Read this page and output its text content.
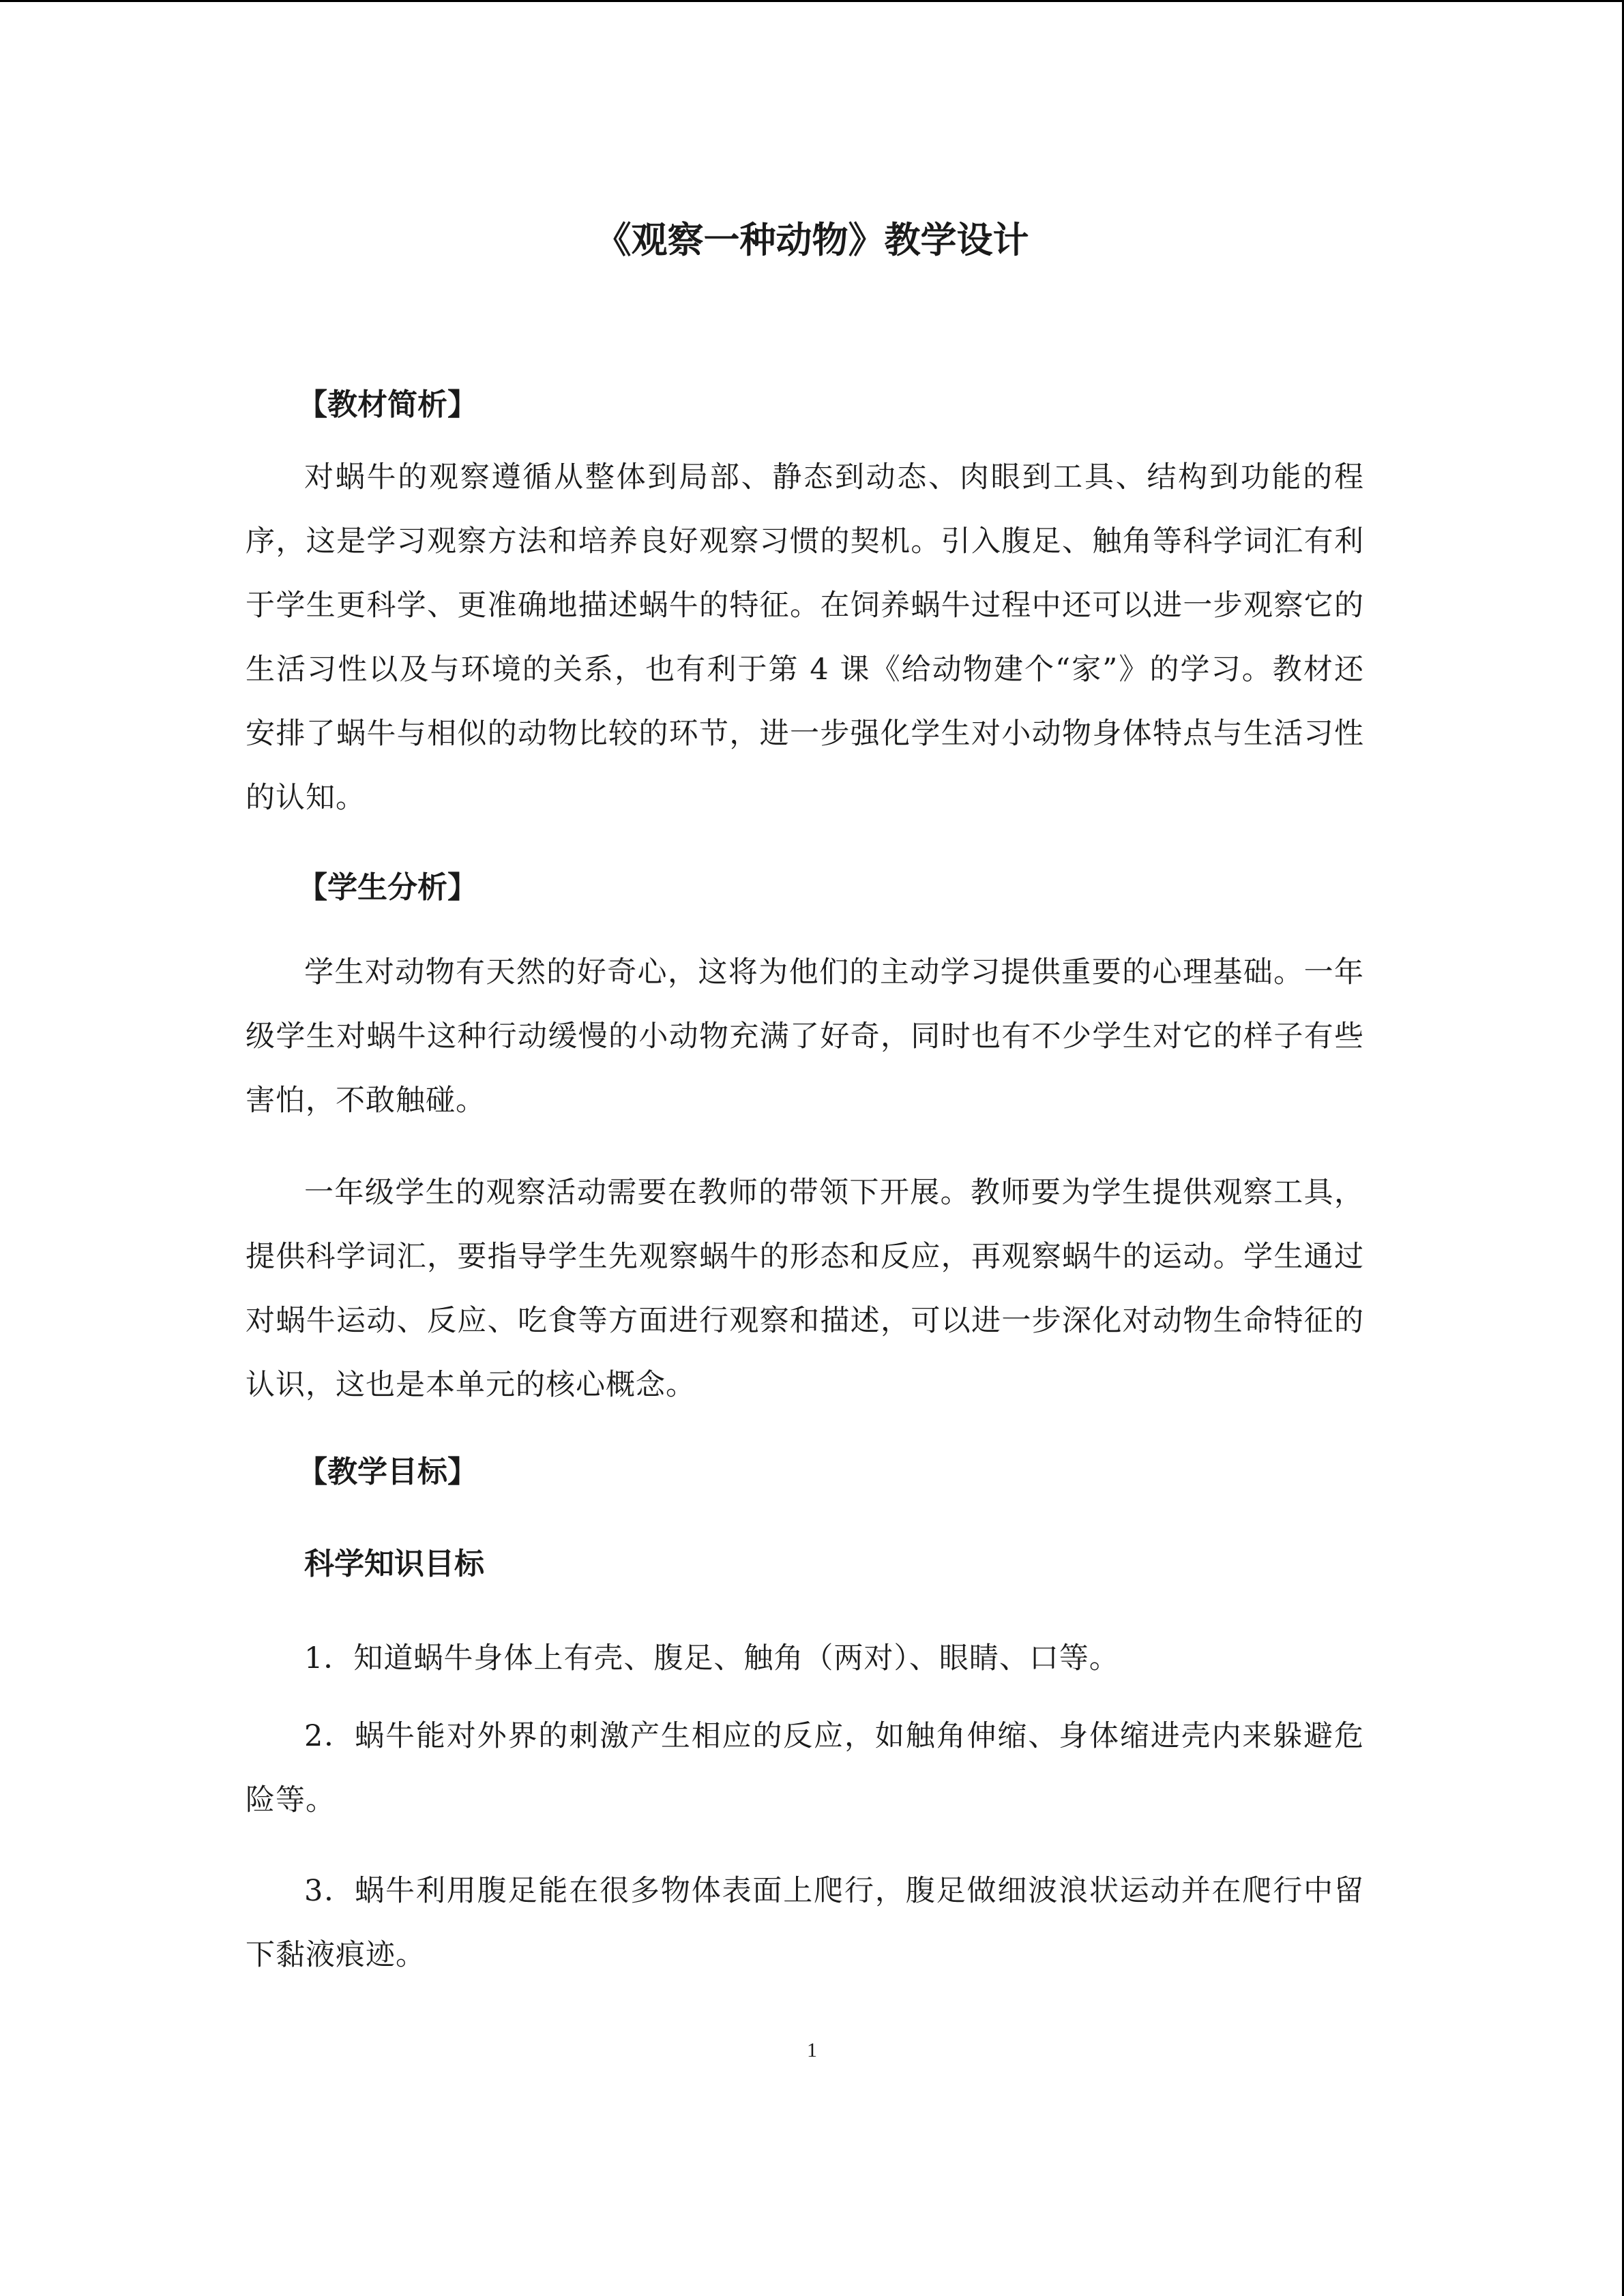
《观察一种动物》教学设计
【教材简析】

对蜗牛的观察遵循从整体到局部、静态到动态、肉眼到工具、结构到功能的程序，这是学习观察方法和培养良好观察习惯的契机。引入腹足、触角等科学词汇有利于学生更科学、更准确地描述蜗牛的特征。在饲养蜗牛过程中还可以进一步观察它的生活习性以及与环境的关系，也有利于第 4 课《给动物建个“家”》的学习。教材还安排了蜗牛与相似的动物比较的环节，进一步强化学生对小动物身体特点与生活习性的认知。

【学生分析】

学生对动物有天然的好奇心，这将为他们的主动学习提供重要的心理基础。一年级学生对蜗牛这种行动缓慢的小动物充满了好奇，同时也有不少学生对它的样子有些害怕，不敢触碰。

一年级学生的观察活动需要在教师的带领下开展。教师要为学生提供观察工具，提供科学词汇，要指导学生先观察蜗牛的形态和反应，再观察蜗牛的运动。学生通过对蜗牛运动、反应、吃食等方面进行观察和描述，可以进一步深化对动物生命特征的认识，这也是本单元的核心概念。

【教学目标】
科学知识目标

1．知道蜗牛身体上有壳、腹足、触角（两对）、眼睛、口等。

2．蜗牛能对外界的刺激产生相应的反应，如触角伸缩、身体缩进壳内来躲避危险等。

3．蜗牛利用腹足能在很多物体表面上爬行，腹足做细波浪状运动并在爬行中留下黏液痕迹。

1
